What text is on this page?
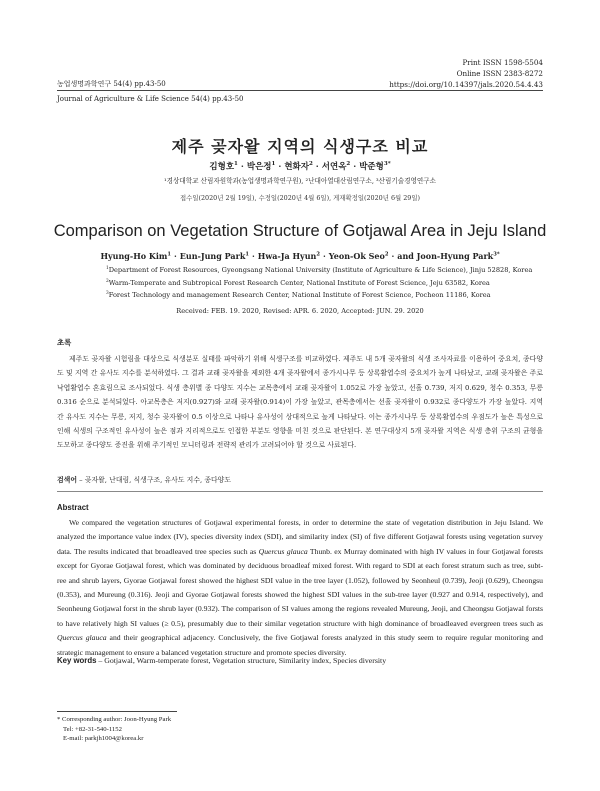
Print ISSN 1598-5504
Online ISSN 2383-8272
https://doi.org/10.14397/jals.2020.54.4.43
농업생명과학연구 54(4) pp.43-50
Journal of Agriculture & Life Science 54(4) pp.43-50
제주 곶자왈 지역의 식생구조 비교
김형호$^1$ · 박은정$^1$ · 현화자$^2$ · 서연옥$^2$ · 박준형$^{3*}$
¹경상대학교 산림자원학과(농업생명과학연구원), ²난대아열대산림연구소, ³산림기술경영연구소
접수일(2020년 2월 19일), 수정일(2020년 4월 6일), 게재확정일(2020년 6월 29일)
Comparison on Vegetation Structure of Gotjawal Area in Jeju Island
Hyung-Ho Kim$^1$ · Eun-Jung Park$^1$ · Hwa-Ja Hyun$^2$ · Yeon-Ok Seo$^2$ · and Joon-Hyung Park$^{3*}$
$^1$Department of Forest Resources, Gyeongsang National University (Institute of Agriculture & Life Science), Jinju 52828, Korea
$^2$Warm-Temperate and Subtropical Forest Research Center, National Institute of Forest Science, Jeju 63582, Korea
$^3$Forest Technology and management Research Center, National Institute of Forest Science, Pocheon 11186, Korea
Received: FEB. 19. 2020, Revised: APR. 6. 2020, Accepted: JUN. 29. 2020
초록
제주도 곶자왈 시험림을 대상으로 식생분포 실태를 파악하기 위해 식생구조를 비교하였다. 제주도 내 5개 곶자왈의 식생 조사자료를 이용하여 중요치, 종다양도 및 지역 간 유사도 지수를 분석하였다. 그 결과 교래 곶자왈을 제외한 4개 곶자왈에서 종가시나무 등 상록활엽수의 중요치가 높게 나타났고, 교래 곶자왈은 주로 낙엽활엽수 혼효림으로 조사되었다. 식생 층위별 종 다양도 지수는 교목층에서 교래 곶자왈이 1.052로 가장 높았고, 선흘 0.739, 저지 0.629, 청수 0.353, 무릉 0.316 순으로 분석되었다. 아교목층은 저지(0.927)와 교래 곶자왈(0.914)이 가장 높았고, 관목층에서는 선흘 곶자왈이 0.932로 종다양도가 가장 높았다. 지역 간 유사도 지수는 무릉, 저지, 청수 곶자왈이 0.5 이상으로 나타나 유사성이 상대적으로 높게 나타났다. 이는 종가시나무 등 상록활엽수의 우점도가 높은 특성으로 인해 식생의 구조적인 유사성이 높은 점과 지리적으로도 인접한 부분도 영향을 미친 것으로 판단된다. 본 연구대상지 5개 곶자왈 지역은 식생 층위 구조의 균형을 도모하고 종다양도 증진을 위해 주기적인 모니터링과 전략적 관리가 고려되어야 할 것으로 사료된다.
검색어 – 곶자왈, 난대림, 식생구조, 유사도 지수, 종다양도
Abstract
We compared the vegetation structures of Gotjawal experimental forests, in order to determine the state of vegetation distribution in Jeju Island. We analyzed the importance value index (IV), species diversity index (SDI), and similarity index (SI) of five different Gotjawal forests using vegetation survey data. The results indicated that broadleaved tree species such as Quercus glauca Thunb. ex Murray dominated with high IV values in four Gotjawal forests except for Gyorae Gotjawal forest, which was dominated by deciduous broadleaf mixed forest. With regard to SDI at each forest stratum such as tree, subt-ree and shrub layers, Gyorae Gotjawal forest showed the highest SDI value in the tree layer (1.052), followed by Seonheul (0.739), Jeoji (0.629), Cheongsu (0.353), and Mureung (0.316). Jeoji and Gyorae Gotjawal forests showed the highest SDI values in the sub-tree layer (0.927 and 0.914, respectively), and Seonheung Gotjawal forst in the shrub layer (0.932). The comparison of SI values among the regions revealed Mureung, Jeoji, and Cheongsu Gotjawal forsts to have relatively high SI values (≥ 0.5), presumably due to their similar vegetation structure with high dominance of broadleaved evergreen trees such as Quercus glauca and their geographical adjacency. Conclusively, the five Gotjawal forests analyzed in this study seem to require regular monitoring and strategic management to ensure a balanced vegetation structure and promote species diversity.
Key words – Gotjawal, Warm-temperate forest, Vegetation structure, Similarity index, Species diversity
* Corresponding author: Joon-Hyung Park
Tel: +82-31-540-1152
E-mail: parkjh1004@korea.kr
